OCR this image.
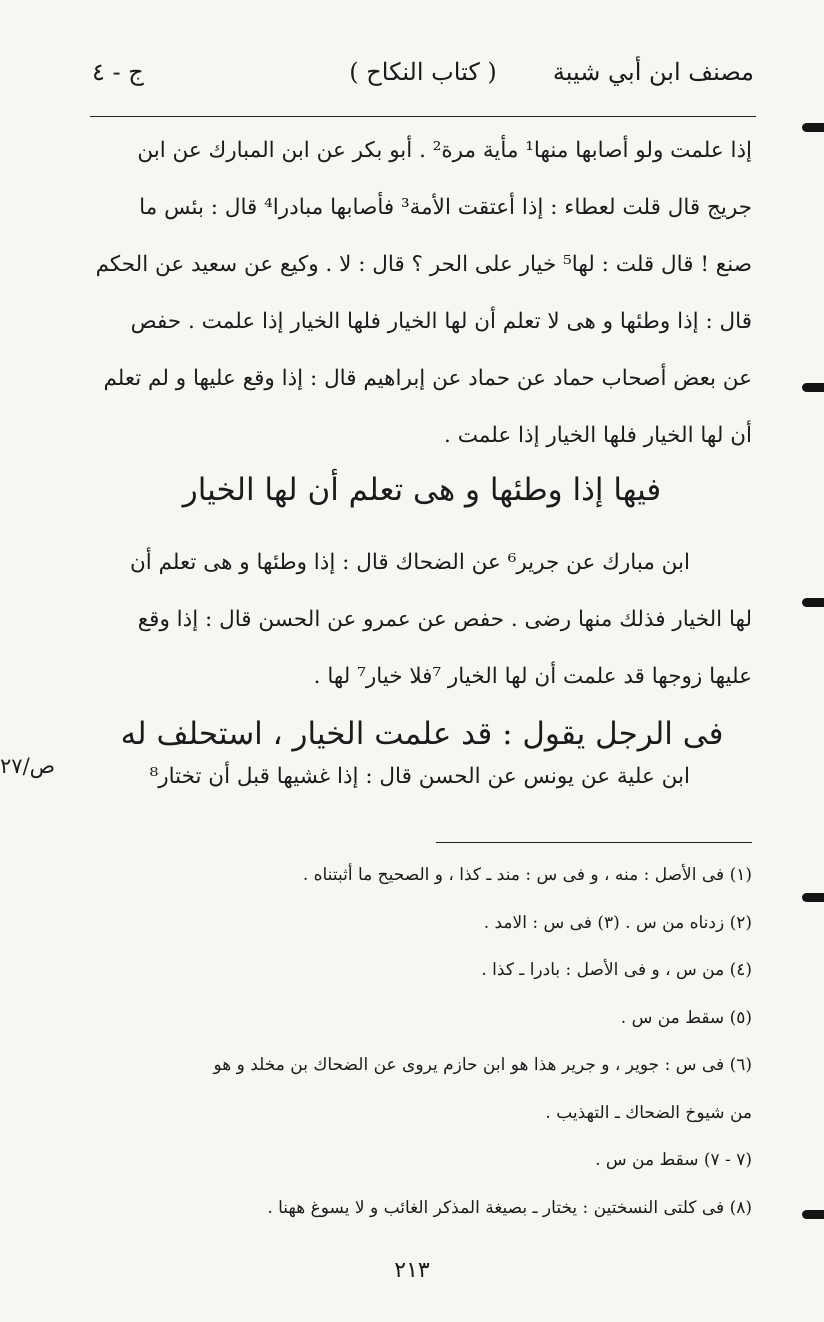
مصنف ابن أبي شيبة
( كتاب النكاح )
ج - ٤
إذا علمت ولو أصابها منها¹ مأية مرة² . أبو بكر عن ابن المبارك عن ابن
جريج قال قلت لعطاء : إذا أعتقت الأمة³ فأصابها مبادرا⁴ قال : بئس ما
صنع ! قال قلت : لها⁵ خيار على الحر ؟ قال : لا . وكيع عن سعيد عن الحكم
قال : إذا وطئها و هى لا تعلم أن لها الخيار فلها الخيار إذا علمت . حفص
عن بعض أصحاب حماد عن حماد عن إبراهيم قال : إذا وقع عليها و لم تعلم
أن لها الخيار فلها الخيار إذا علمت .
فيها إذا وطئها و هى تعلم أن لها الخيار
ابن مبارك عن جرير⁶ عن الضحاك قال : إذا وطئها و هى تعلم أن
لها الخيار فذلك منها رضى . حفص عن عمرو عن الحسن قال : إذا وقع
عليها زوجها قد علمت أن لها الخيار ⁷فلا خيار⁷ لها .
فى الرجل يقول : قد علمت الخيار ، استحلف له
ابن علية عن يونس عن الحسن قال : إذا غشيها قبل أن تختار⁸
ص/٢٧
(١) فى الأصل : منه ، و فى س : مند ـ كذا ، و الصحيح ما أثبتناه .
(٢) زدناه من س . (٣) فى س : الامد .
(٤) من س ، و فى الأصل : بادرا ـ كذا .
(٥) سقط من س .
(٦) فى س : جوير ، و جرير هذا هو ابن حازم يروى عن الضحاك بن مخلد و هو
من شيوخ الضحاك ـ التهذيب .
(٧ - ٧) سقط من س .
(٨) فى كلتى النسختين : يختار ـ بصيغة المذكر الغائب و لا يسوغ ههنا .
٢١٣
